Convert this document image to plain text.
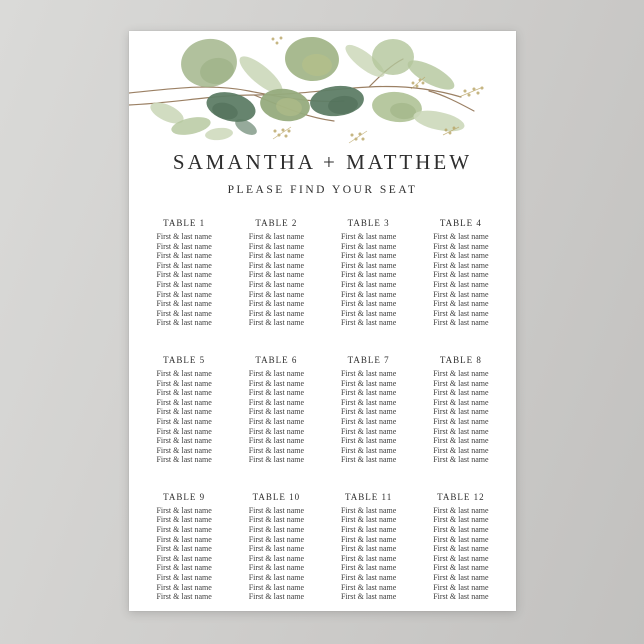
SAMANTHA + MATTHEW
PLEASE FIND YOUR SEAT
TABLE 1
First & last name
First & last name
First & last name
First & last name
First & last name
First & last name
First & last name
First & last name
First & last name
First & last name
TABLE 2
First & last name
First & last name
First & last name
First & last name
First & last name
First & last name
First & last name
First & last name
First & last name
First & last name
TABLE 3
First & last name
First & last name
First & last name
First & last name
First & last name
First & last name
First & last name
First & last name
First & last name
First & last name
TABLE 4
First & last name
First & last name
First & last name
First & last name
First & last name
First & last name
First & last name
First & last name
First & last name
First & last name
TABLE 5
First & last name
First & last name
First & last name
First & last name
First & last name
First & last name
First & last name
First & last name
First & last name
First & last name
TABLE 6
First & last name
First & last name
First & last name
First & last name
First & last name
First & last name
First & last name
First & last name
First & last name
First & last name
TABLE 7
First & last name
First & last name
First & last name
First & last name
First & last name
First & last name
First & last name
First & last name
First & last name
First & last name
TABLE 8
First & last name
First & last name
First & last name
First & last name
First & last name
First & last name
First & last name
First & last name
First & last name
First & last name
TABLE 9
First & last name
First & last name
First & last name
First & last name
First & last name
First & last name
First & last name
First & last name
First & last name
First & last name
TABLE 10
First & last name
First & last name
First & last name
First & last name
First & last name
First & last name
First & last name
First & last name
First & last name
First & last name
TABLE 11
First & last name
First & last name
First & last name
First & last name
First & last name
First & last name
First & last name
First & last name
First & last name
First & last name
TABLE 12
First & last name
First & last name
First & last name
First & last name
First & last name
First & last name
First & last name
First & last name
First & last name
First & last name
